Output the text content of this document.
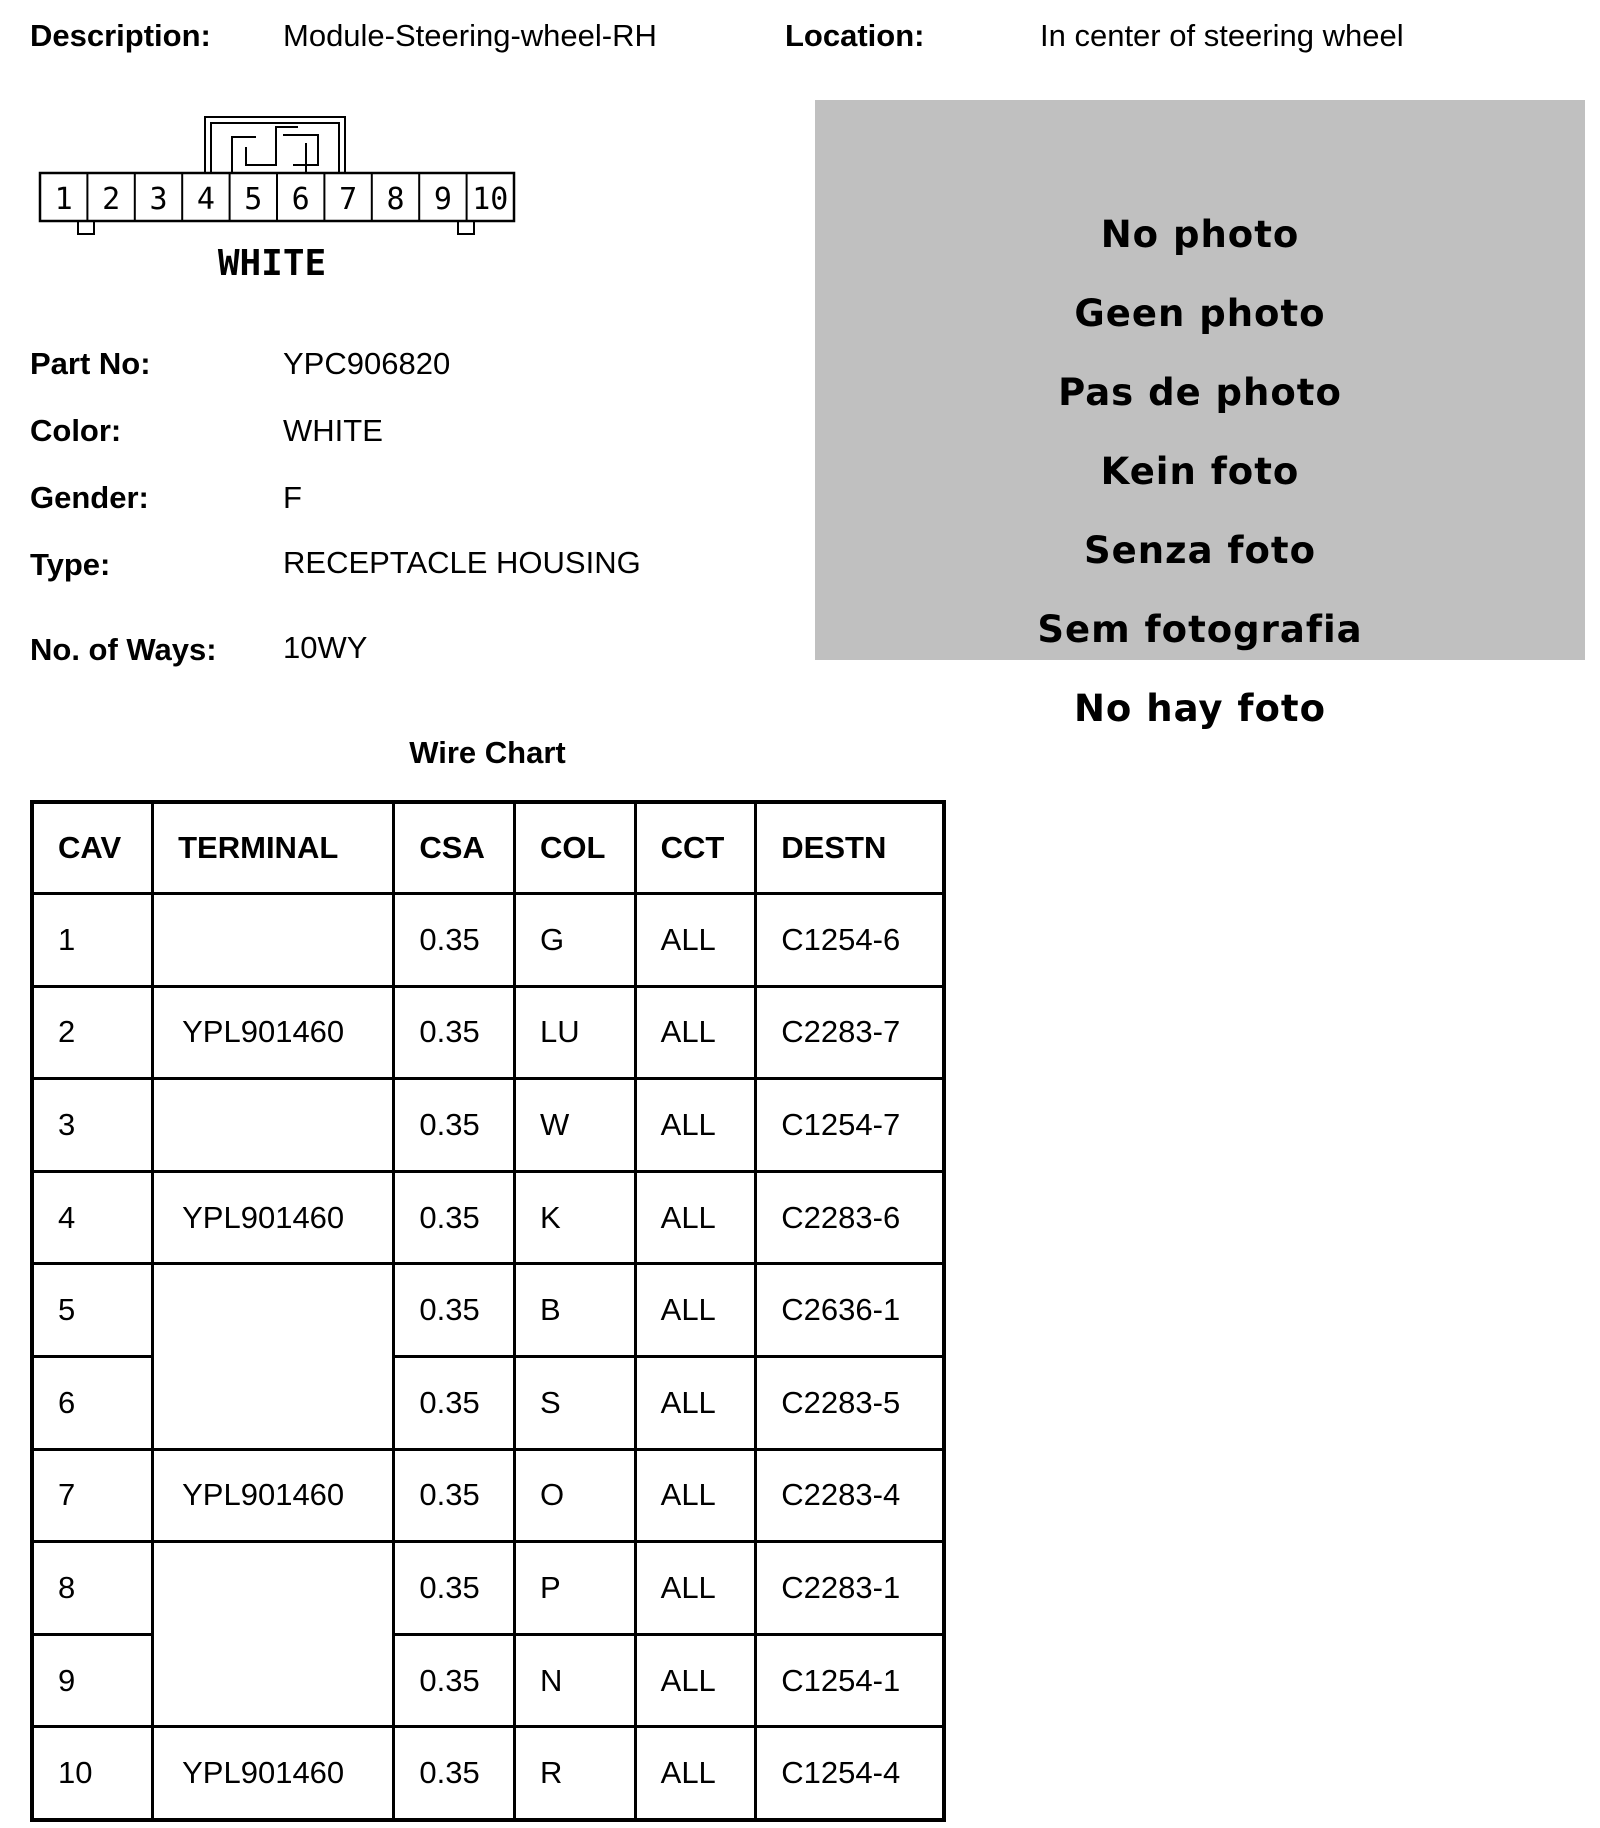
Description: Module-Steering-wheel-RH	Location:	In center of steering wheel
1 2 3 4 5 6 7 8 9 10
WHITE
Part No:	YPC906820
Color:	WHITE
Gender:	F
Type:	RECEPTACLE HOUSING
No. of Ways: 10WY
No photo
Geen photo
Pas de photo
Kein foto
Senza foto
Sem fotografia
No hay foto
Wire Chart
CAV	TERMINAL	CSA	COL	CCT	DESTN
1		0.35	G	ALL	C1254-6
2	YPL901460	0.35	LU	ALL	C2283-7
3		0.35	W	ALL	C1254-7
4	YPL901460	0.35	K	ALL	C2283-6
5		0.35	B	ALL	C2636-1
6		0.35	S	ALL	C2283-5
7	YPL901460	0.35	O	ALL	C2283-4
8		0.35	P	ALL	C2283-1
9		0.35	N	ALL	C1254-1
10	YPL901460	0.35	R	ALL	C1254-4
